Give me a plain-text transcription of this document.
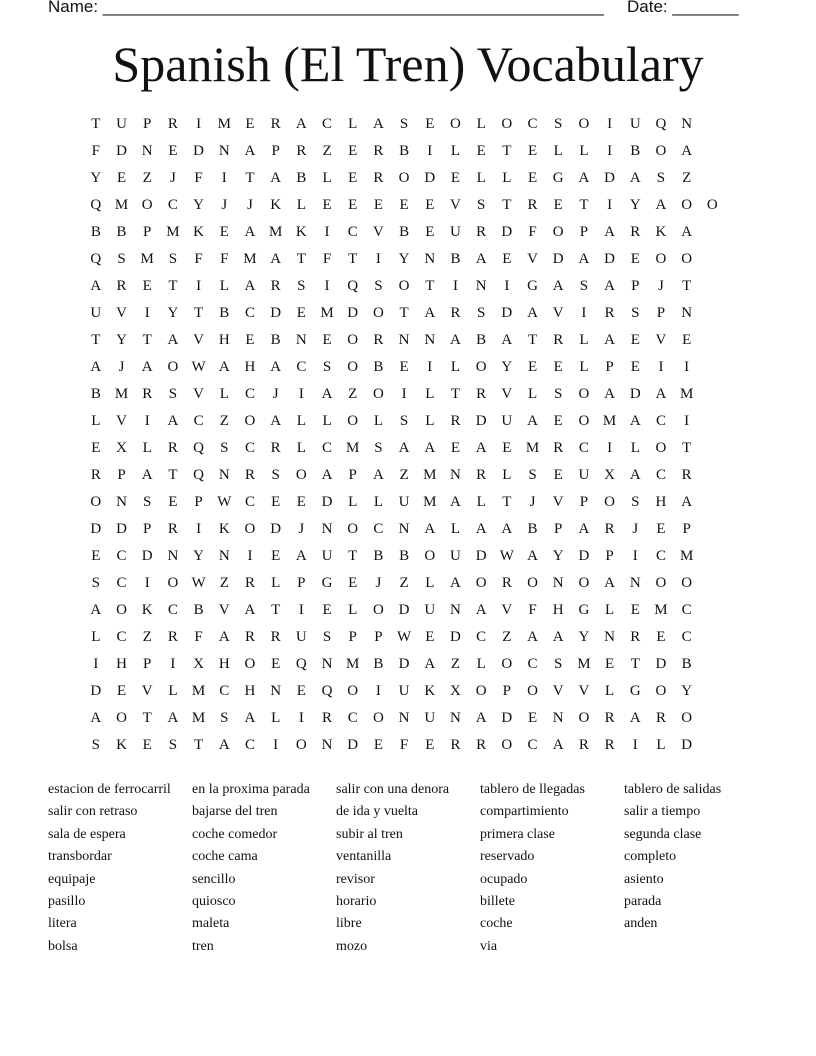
Name: _____________________________________________________ Date: _______
Spanish (El Tren) Vocabulary
T	U	P	R	I	M E	R	A	C	L	A	S	E	O	L	O	C	S	O	I	U Q N
F	D N	E	D N A	P	R	Z	E	R	B	I	L	E	T	E	L	L	I	B	O A
Y	E	Z	J	F	I	T	A	B	L	E	R	O D	E	L	L	E	G A D A	S	Z
Q M O	C	Y	J	J	K	L	E	E	E	E	E	V	S	T	R	E	T	I	Y A O O
B	B	P M K	E	A M K	I	C	V	B	E	U	R	D	F	O	P	A	R	K A
Q	S M S	F	F M A	T	F	T	I	Y N	B	A	E	V D A D	E	O O
A	R	E	T	I	L	A	R	S	I	Q	S	O	T	I	N	I	G A	S	A	P	J	T
U V	I	Y	T	B	C	D	E M D O	T	A	R	S	D A V	I	R	S	P	N
T	Y	T	A V H	E	B	N	E	O	R	N N A	B	A	T	R	L	A	E	V	E
A	J	A O W A H A	C	S	O	B	E	I	L	O Y	E	E	L	P	E	I	I
B M R	S	V	L	C	J	I	A	Z	O	I	L	T	R	V	L	S	O A D A M
L	V	I	A	C	Z	O A	L	L	O	L	S	L	R	D U A	E	O M A	C	I
E	X	L	R	Q	S	C	R	L	C M S	A A	E	A	E M R	C	I	L	O	T
R	P	A	T	Q N	R	S	O A	P	A	Z M N	R	L	S	E	U X A	C	R
O N	S	E	P W C	E	E	D	L	L	U M A	L	T	J	V	P	O	S	H A
D D	P	R	I	K O D	J	N O	C	N A	L	A A	B	P	A	R	J	E	P
E	C	D N Y N	I	E	A U	T	B	B	O U D W A Y D	P	I	C M
S	C	I	O W Z	R	L	P	G	E	J	Z	L	A O	R	O N O A N O O
A O K	C	B	V A	T	I	E	L	O D U N A V	F	H G	L	E M C
L	C	Z	R	F	A	R	R	U	S	P	P W E	D	C	Z	A A Y N	R	E	C
I	H	P	I	X H O	E	Q N M B	D A	Z	L	O	C	S M E	T	D	B
D	E	V	L M C	H N	E	Q O	I	U K X O	P	O V V	L	G O Y
A O	T	A M S	A	L	I	R	C	O N U N A D	E	N O	R	A	R	O
S	K	E	S	T	A	C	I	O N D	E	F	E	R	R	O	C	A	R	R	I	L	D
estacion de ferrocarril	en la proxima parada	salir con una denora	tablero de llegadas	tablero de salidas
salir con retraso	bajarse del tren	de ida y vuelta	compartimiento	salir a tiempo
sala de espera	coche comedor	subir al tren	primera clase	segunda clase
transbordar	coche cama	ventanilla	reservado	completo
equipaje	sencillo	revisor	ocupado	asiento
pasillo	quiosco	horario	billete	parada
litera	maleta	libre	coche	anden
bolsa	tren	mozo	via
